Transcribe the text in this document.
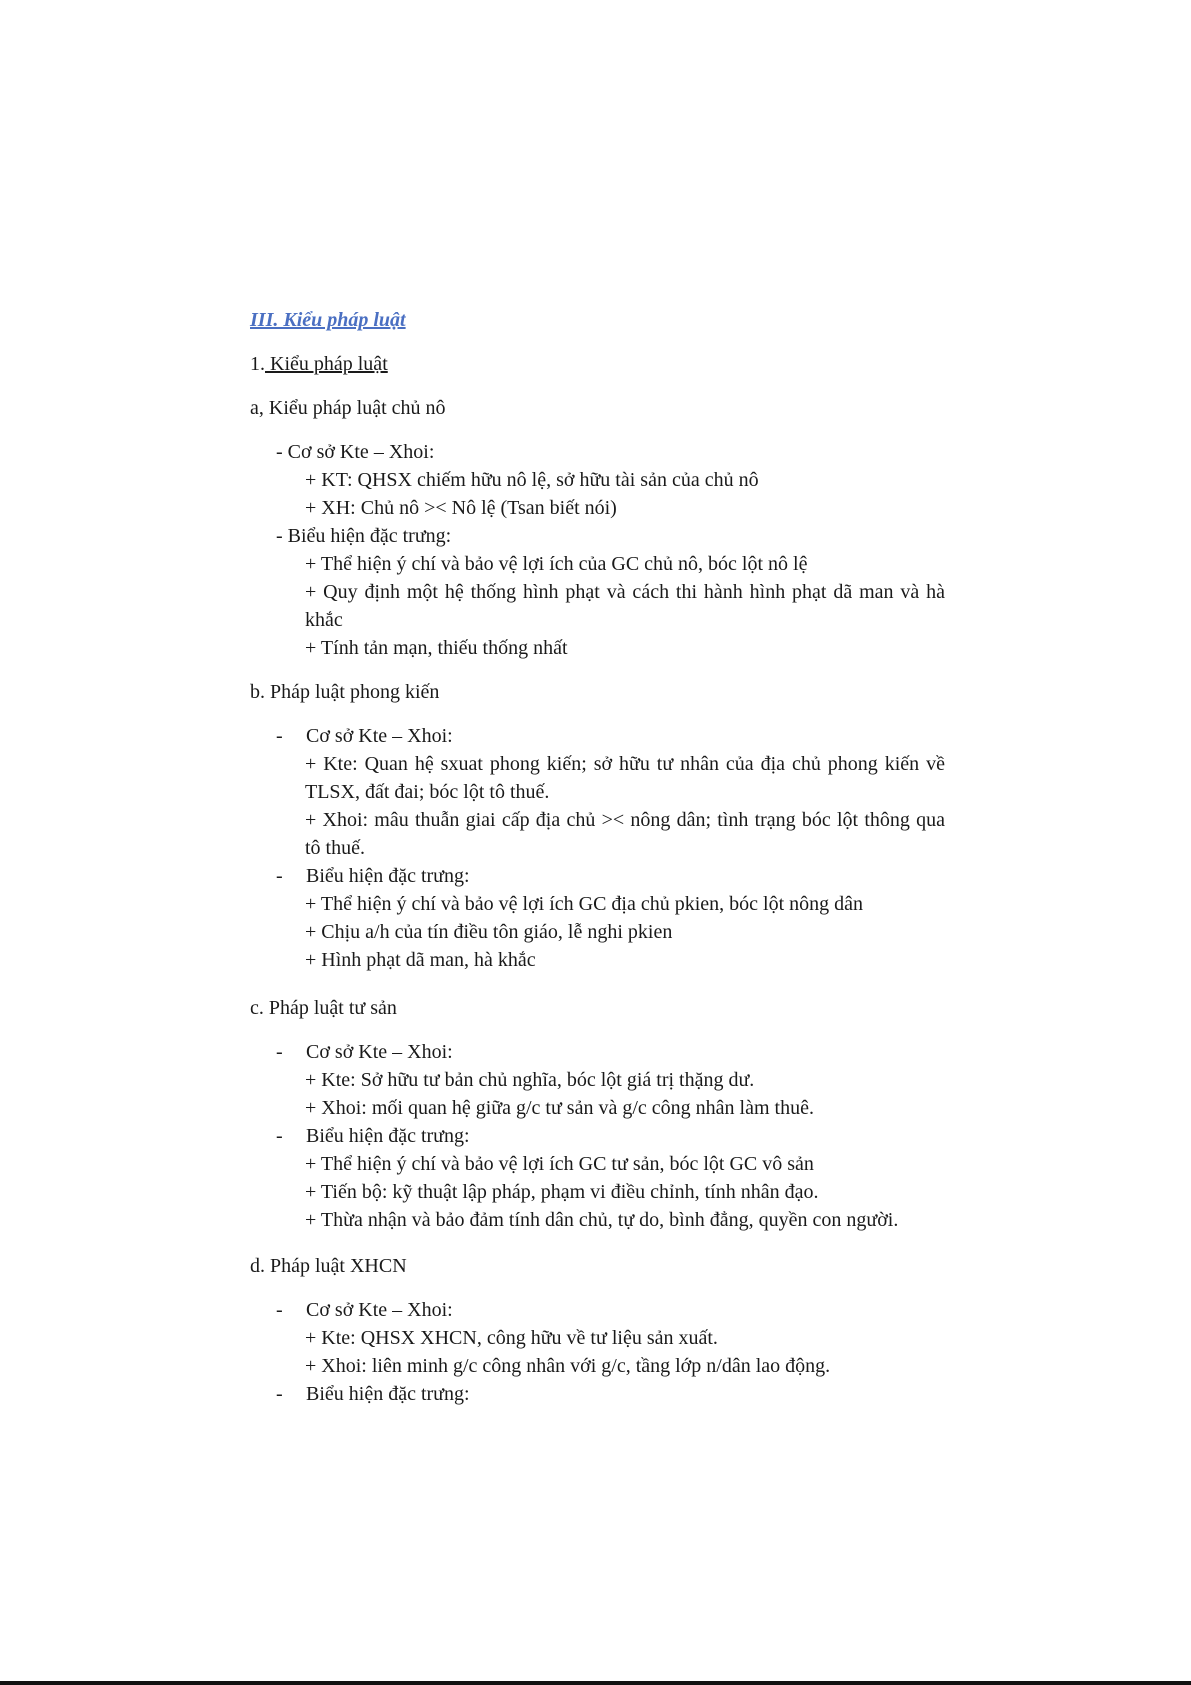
III. Kiểu pháp luật
1. Kiểu pháp luật
a, Kiểu pháp luật chủ nô
- Cơ sở Kte – Xhoi:
+ KT: QHSX chiếm hữu nô lệ, sở hữu tài sản của chủ nô
+ XH: Chủ nô >< Nô lệ (Tsan biết nói)
- Biểu hiện đặc trưng:
+ Thể hiện ý chí và bảo vệ lợi ích của GC chủ nô, bóc lột nô lệ
+ Quy định một hệ thống hình phạt và cách thi hành hình phạt dã man và hà khắc
+ Tính tản mạn, thiếu thống nhất
b. Pháp luật phong kiến
- Cơ sở Kte – Xhoi:
+ Kte: Quan hệ sxuat phong kiến; sở hữu tư nhân của địa chủ phong kiến về TLSX, đất đai; bóc lột tô thuế.
+ Xhoi: mâu thuẫn giai cấp địa chủ >< nông dân; tình trạng bóc lột thông qua tô thuế.
- Biểu hiện đặc trưng:
+ Thể hiện ý chí và bảo vệ lợi ích GC địa chủ pkien, bóc lột nông dân
+ Chịu a/h của tín điều tôn giáo, lễ nghi pkien
+ Hình phạt dã man, hà khắc
c. Pháp luật tư sản
- Cơ sở Kte – Xhoi:
+ Kte: Sở hữu tư bản chủ nghĩa, bóc lột giá trị thặng dư.
+ Xhoi: mối quan hệ giữa g/c tư sản và g/c công nhân làm thuê.
- Biểu hiện đặc trưng:
+ Thể hiện ý chí và bảo vệ lợi ích GC tư sản, bóc lột GC vô sản
+ Tiến bộ: kỹ thuật lập pháp, phạm vi điều chỉnh, tính nhân đạo.
+ Thừa nhận và bảo đảm tính dân chủ, tự do, bình đẳng, quyền con người.
d. Pháp luật XHCN
- Cơ sở Kte – Xhoi:
+ Kte: QHSX XHCN, công hữu về tư liệu sản xuất.
+ Xhoi: liên minh g/c công nhân với g/c, tầng lớp n/dân lao động.
- Biểu hiện đặc trưng:
